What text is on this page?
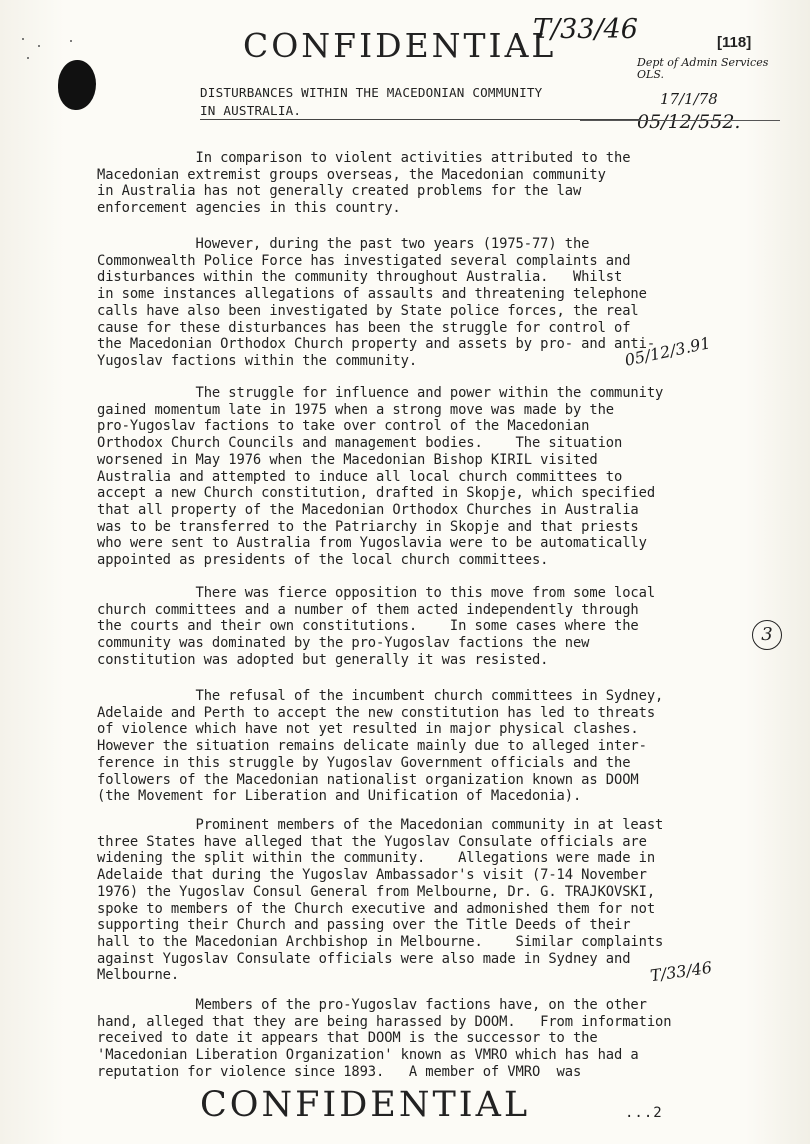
CONFIDENTIAL
T/33/46	[118]
Dept of Admin Services OLS.
17/1/78
05/12/552.
DISTURBANCES WITHIN THE MACEDONIAN COMMUNITY
IN AUSTRALIA.
In comparison to violent activities attributed to the
Macedonian extremist groups overseas, the Macedonian community
in Australia has not generally created problems for the law
enforcement agencies in this country.
However, during the past two years (1975-77) the
Commonwealth Police Force has investigated several complaints and
disturbances within the community throughout Australia.   Whilst
in some instances allegations of assaults and threatening telephone
calls have also been investigated by State police forces, the real
cause for these disturbances has been the struggle for control of
the Macedonian Orthodox Church property and assets by pro- and anti-
Yugoslav factions within the community.	05/12/3.91
The struggle for influence and power within the community
gained momentum late in 1975 when a strong move was made by the
pro-Yugoslav factions to take over control of the Macedonian
Orthodox Church Councils and management bodies.    The situation
worsened in May 1976 when the Macedonian Bishop KIRIL visited
Australia and attempted to induce all local church committees to
accept a new Church constitution, drafted in Skopje, which specified
that all property of the Macedonian Orthodox Churches in Australia
was to be transferred to the Patriarchy in Skopje and that priests
who were sent to Australia from Yugoslavia were to be automatically
appointed as presidents of the local church committees.
There was fierce opposition to this move from some local
church committees and a number of them acted independently through
the courts and their own constitutions.    In some cases where the
community was dominated by the pro-Yugoslav factions the new
constitution was adopted but generally it was resisted.
3
The refusal of the incumbent church committees in Sydney,
Adelaide and Perth to accept the new constitution has led to threats
of violence which have not yet resulted in major physical clashes.
However the situation remains delicate mainly due to alleged inter-
ference in this struggle by Yugoslav Government officials and the
followers of the Macedonian nationalist organization known as DOOM
(the Movement for Liberation and Unification of Macedonia).
Prominent members of the Macedonian community in at least
three States have alleged that the Yugoslav Consulate officials are
widening the split within the community.    Allegations were made in
Adelaide that during the Yugoslav Ambassador's visit (7-14 November
1976) the Yugoslav Consul General from Melbourne, Dr. G. TRAJKOVSKI,
spoke to members of the Church executive and admonished them for not
supporting their Church and passing over the Title Deeds of their
hall to the Macedonian Archbishop in Melbourne.    Similar complaints
against Yugoslav Consulate officials were also made in Sydney and
Melbourne.	T/33/46
Members of the pro-Yugoslav factions have, on the other
hand, alleged that they are being harassed by DOOM.   From information
received to date it appears that DOOM is the successor to the
'Macedonian Liberation Organization' known as VMRO which has had a
reputation for violence since 1893.   A member of VMRO  was
CONFIDENTIAL	...2
